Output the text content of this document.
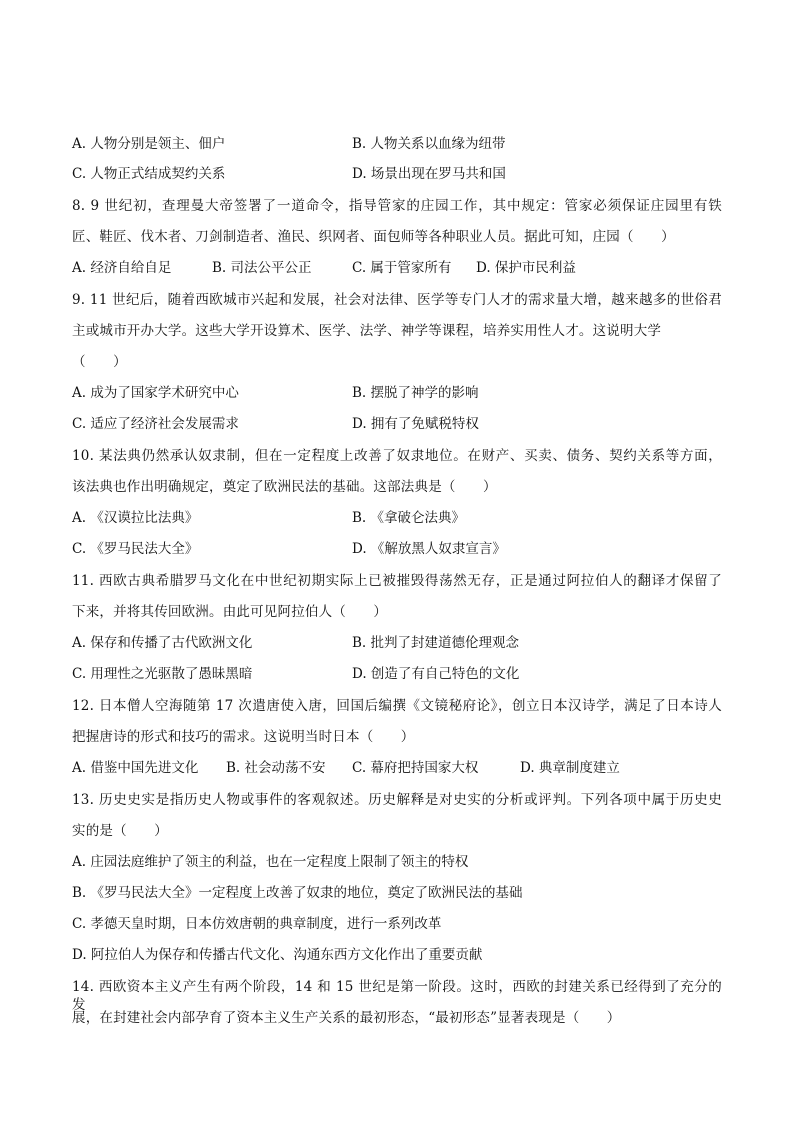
A. 人物分别是领主、佃户	B. 人物关系以血缘为纽带
C. 人物正式结成契约关系	D. 场景出现在罗马共和国
8. 9 世纪初，查理曼大帝签署了一道命令，指导管家的庄园工作，其中规定：管家必须保证庄园里有铁
匠、鞋匠、伐木者、刀剑制造者、渔民、织网者、面包师等各种职业人员。据此可知，庄园（　　）
A. 经济自给自足	B. 司法公平公正	C. 属于管家所有 D. 保护市民利益
9. 11 世纪后，随着西欧城市兴起和发展，社会对法律、医学等专门人才的需求量大增，越来越多的世俗君
主或城市开办大学。这些大学开设算术、医学、法学、神学等课程，培养实用性人才。这说明大学
（　　）
A. 成为了国家学术研究中心	B. 摆脱了神学的影响
C. 适应了经济社会发展需求	D. 拥有了免赋税特权
10. 某法典仍然承认奴隶制，但在一定程度上改善了奴隶地位。在财产、买卖、债务、契约关系等方面，
该法典也作出明确规定，奠定了欧洲民法的基础。这部法典是（　　）
A. 《汉谟拉比法典》	B. 《拿破仑法典》
C. 《罗马民法大全》	D. 《解放黑人奴隶宣言》
11. 西欧古典希腊罗马文化在中世纪初期实际上已被摧毁得荡然无存，正是通过阿拉伯人的翻译才保留了
下来，并将其传回欧洲。由此可见阿拉伯人（　　）
A. 保存和传播了古代欧洲文化	B. 批判了封建道德伦理观念
C. 用理性之光驱散了愚昧黑暗	D. 创造了有自己特色的文化
12. 日本僧人空海随第 17 次遣唐使入唐，回国后编撰《文镜秘府论》，创立日本汉诗学，满足了日本诗人
把握唐诗的形式和技巧的需求。这说明当时日本（　　）
A. 借鉴中国先进文化 B. 社会动荡不安 C. 幕府把持国家大权	D. 典章制度建立
13. 历史史实是指历史人物或事件的客观叙述。历史解释是对史实的分析或评判。下列各项中属于历史史
实的是（　　）
A. 庄园法庭维护了领主的利益，也在一定程度上限制了领主的特权
B. 《罗马民法大全》一定程度上改善了奴隶的地位，奠定了欧洲民法的基础
C. 孝德天皇时期，日本仿效唐朝的典章制度，进行一系列改革
D. 阿拉伯人为保存和传播古代文化、沟通东西方文化作出了重要贡献
14. 西欧资本主义产生有两个阶段，14 和 15 世纪是第一阶段。这时，西欧的封建关系已经得到了充分的发
展，在封建社会内部孕育了资本主义生产关系的最初形态，“最初形态”显著表现是（　　）
